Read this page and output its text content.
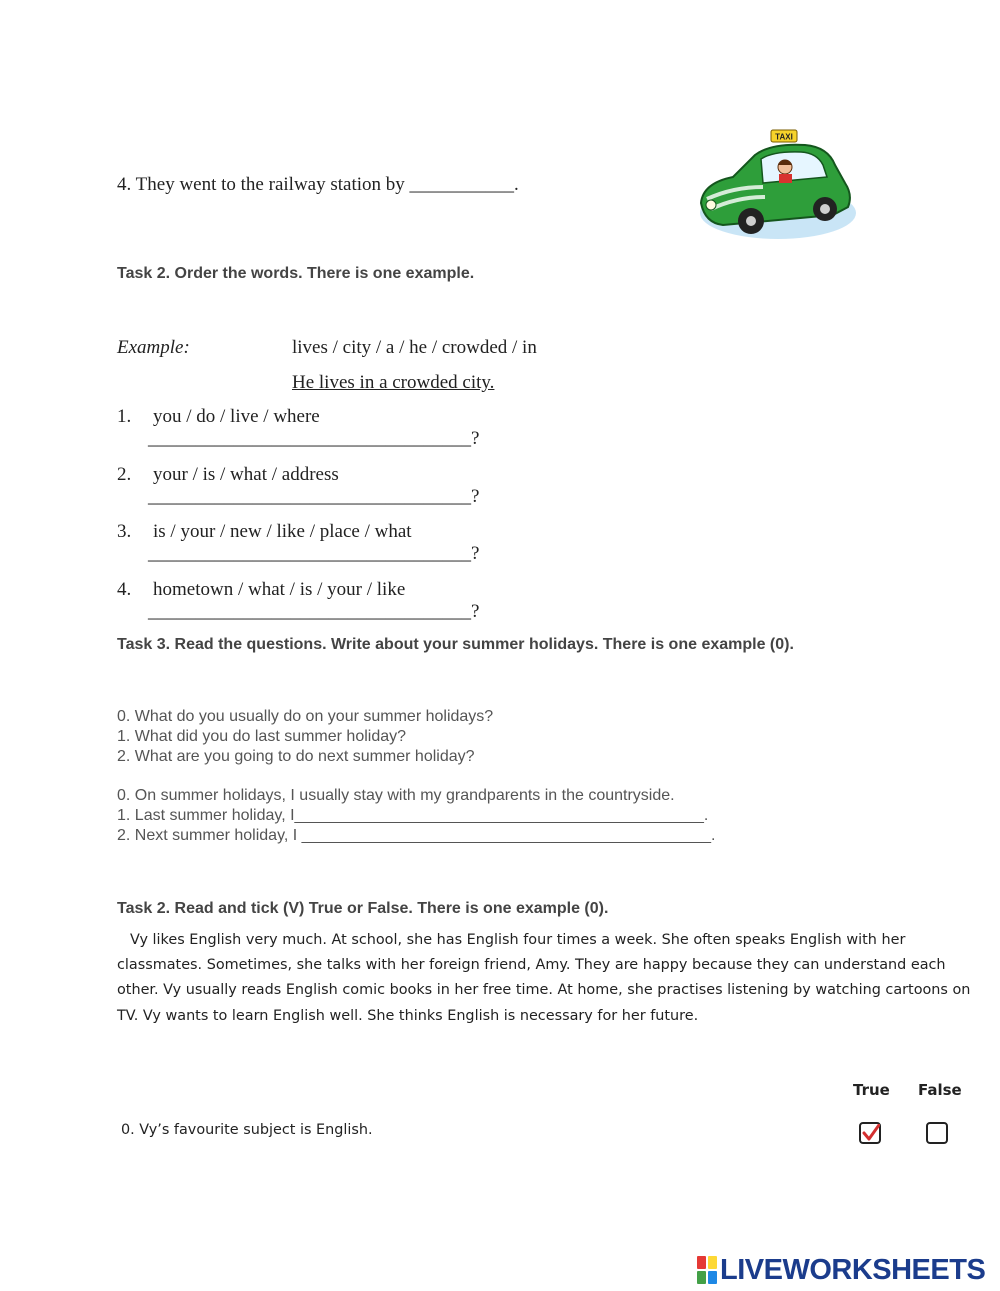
4. They went to the railway station by ___________.
TAXI
Task 2. Order the words. There is one example.
Example:	lives / city / a / he / crowded / in
He lives in a crowded city.
1. you / do / live / where
__________________________________?
2. your / is / what / address
__________________________________?
3. is / your / new / like / place / what
__________________________________?
4. hometown / what / is / your / like
__________________________________?
Task 3. Read the questions. Write about your summer holidays. There is one example (0).
0. What do you usually do on your summer holidays?
1. What did you do last summer holiday?
2. What are you going to do next summer holiday?
0. On summer holidays, I usually stay with my grandparents in the countryside.
1. Last summer holiday, I______________________________________________.
2. Next summer holiday, I ______________________________________________.
Task 2. Read and tick (V) True or False. There is one example (0).
Vy likes English very much. At school, she has English four times a week. She often speaks English with her
classmates. Sometimes, she talks with her foreign friend, Amy. They are happy because they can understand each
other. Vy usually reads English comic books in her free time. At home, she practises listening by watching cartoons on
TV. Vy wants to learn English well. She thinks English is necessary for her future.
True False
0. Vy’s favourite subject is English.
LIVEWORKSHEETS
